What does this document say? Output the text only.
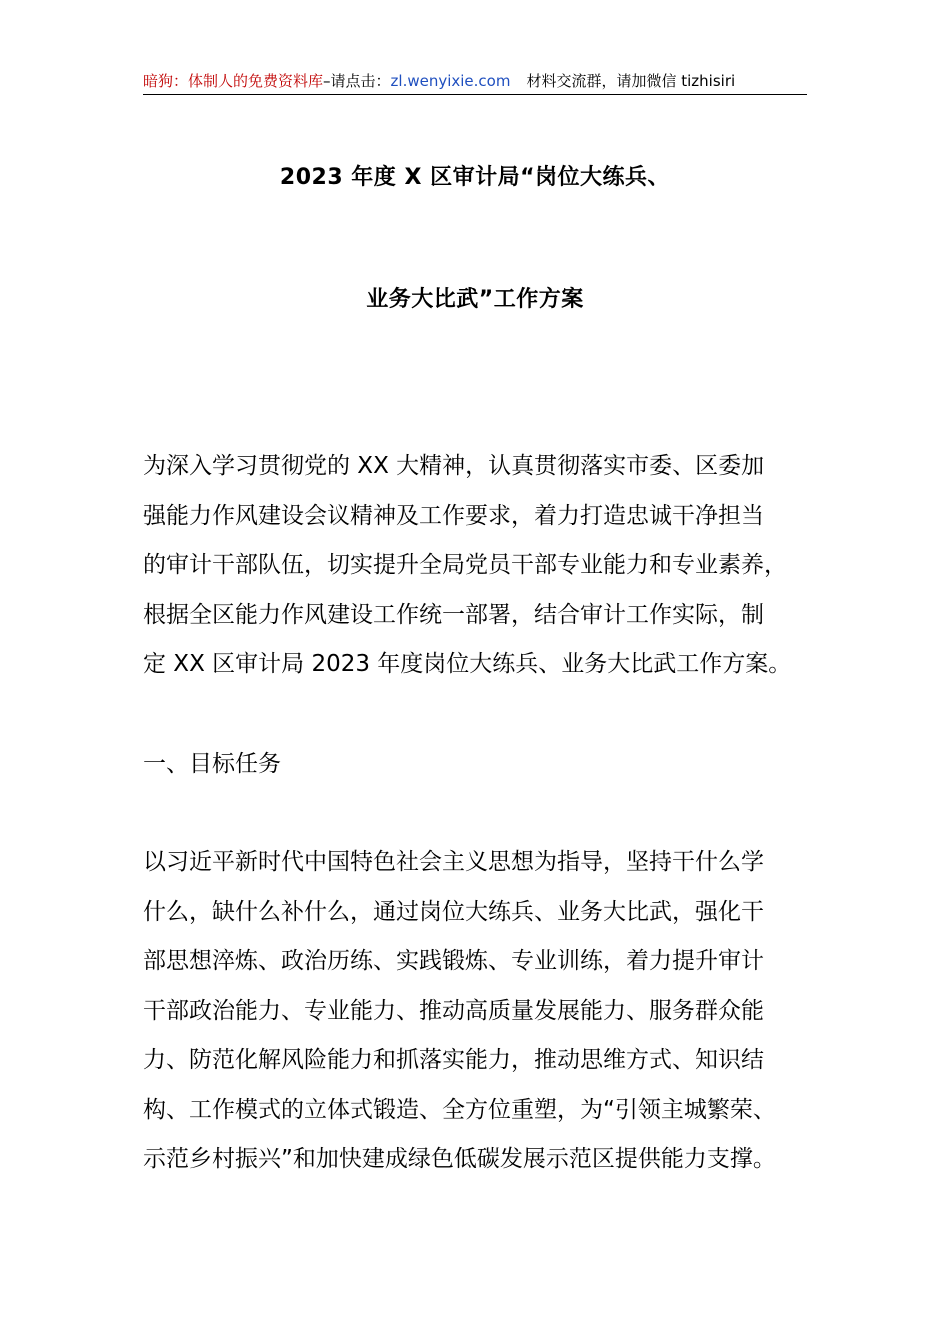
暗狗：体制人的免费资料库–请点击：zl.wenyixie.com 材料交流群，请加微信 tizhisiri
2023 年度 X 区审计局“岗位大练兵、
业务大比武”工作方案

为深入学习贯彻党的 XX 大精神，认真贯彻落实市委、区委加
强能力作风建设会议精神及工作要求，着力打造忠诚干净担当
的审计干部队伍，切实提升全局党员干部专业能力和专业素养，
根据全区能力作风建设工作统一部署，结合审计工作实际，制
定 XX 区审计局 2023 年度岗位大练兵、业务大比武工作方案。

一、目标任务

以习近平新时代中国特色社会主义思想为指导，坚持干什么学
什么，缺什么补什么，通过岗位大练兵、业务大比武，强化干
部思想淬炼、政治历练、实践锻炼、专业训练，着力提升审计
干部政治能力、专业能力、推动高质量发展能力、服务群众能
力、防范化解风险能力和抓落实能力，推动思维方式、知识结
构、工作模式的立体式锻造、全方位重塑，为“引领主城繁荣、
示范乡村振兴”和加快建成绿色低碳发展示范区提供能力支撑。
